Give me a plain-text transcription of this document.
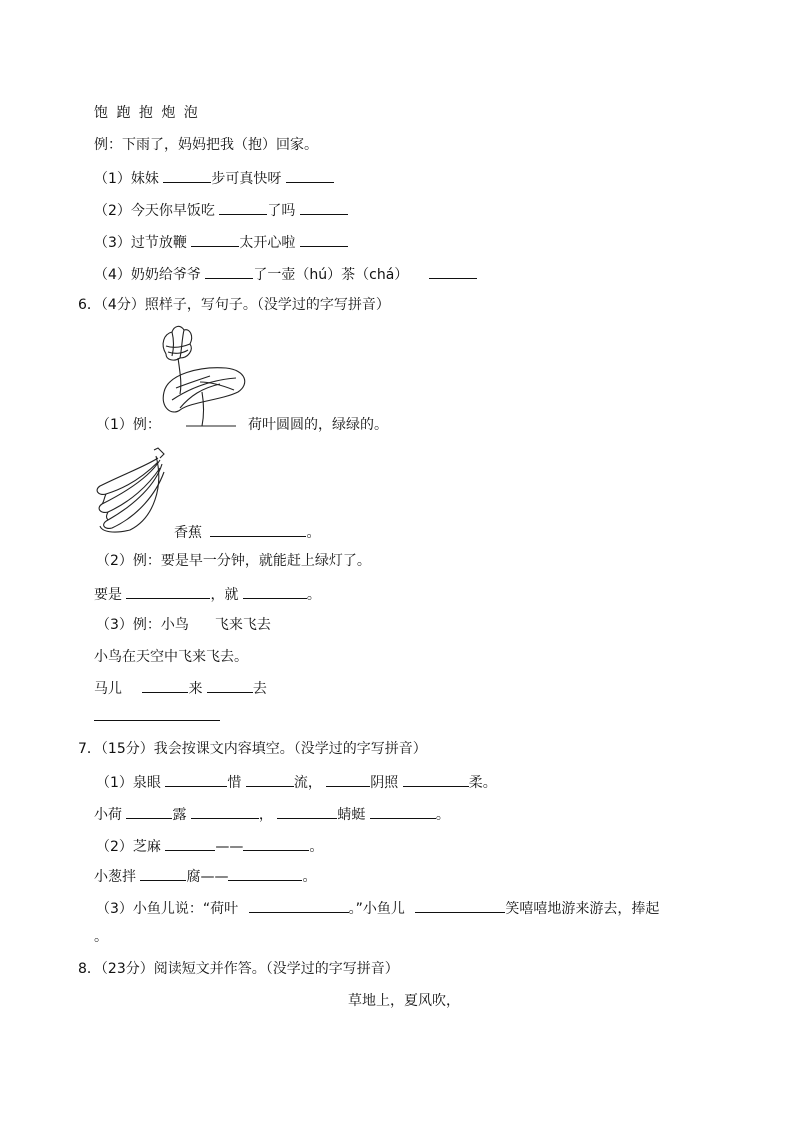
饱 跑 抱 炮 泡
例：下雨了，妈妈把我（抱）回家。
（1）妹妹	步可真快呀
（2）今天你早饭吃	了吗
（3）过节放鞭	太开心啦
（4）奶奶给爷爷	了一壶（hú）茶（chá）
6．（4分）照样子，写句子。（没学过的字写拼音）
（1）例：	荷叶圆圆的，绿绿的。
香蕉	。
（2）例：要是早一分钟，就能赶上绿灯了。
要是	，就	。
（3）例：小鸟 飞来飞去
小鸟在天空中飞来飞去。
马儿	来	去
7．（15分）我会按课文内容填空。（没学过的字写拼音）
（1）泉眼	惜	流，	阴照	柔。
小荷	露	，	蜻蜓	。
（2）芝麻	——	。
小葱拌	腐——	。
（3）小鱼儿说：“荷叶	。”小鱼儿	笑嘻嘻地游来游去，捧起
。
8．（23分）阅读短文并作答。（没学过的字写拼音）
草地上，夏风吹，
